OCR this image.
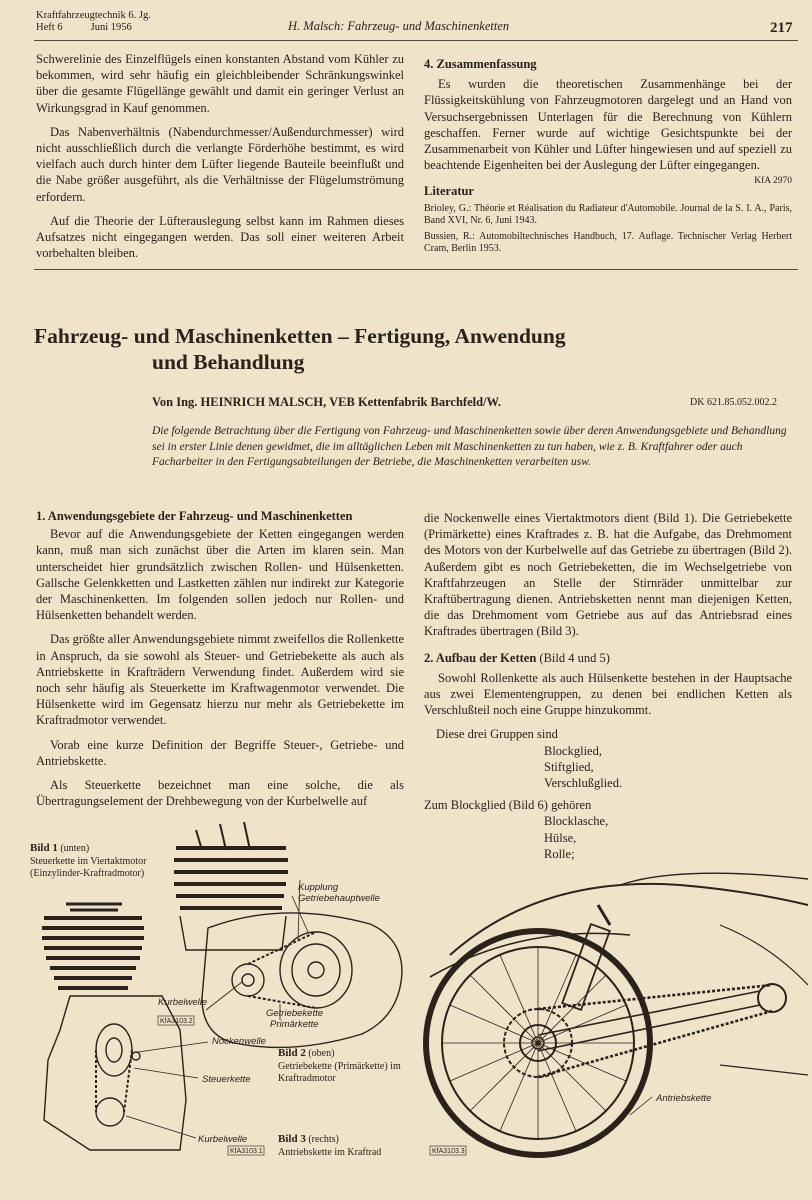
Kraftfahrzeugtechnik 6. Jg.
Heft 6	Juni 1956	H. Malsch: Fahrzeug- und Maschinenketten	217

Schwerelinie des Einzelflügels einen konstanten Abstand vom Kühler zu bekommen, wird sehr häufig ein gleichbleibender Schränkungswinkel über die gesamte Flügellänge gewählt und damit ein geringer Verlust an Wirkungsgrad in Kauf genommen.

Das Nabenverhältnis (Nabendurchmesser/Außendurchmesser) wird nicht ausschließlich durch die verlangte Förderhöhe bestimmt, es wird vielfach auch durch hinter dem Lüfter liegende Bauteile beeinflußt und die Nabe größer ausgeführt, als die Verhältnisse der Flügelumströmung erfordern.

Auf die Theorie der Lüfterauslegung selbst kann im Rahmen dieses Aufsatzes nicht eingegangen werden. Das soll einer weiteren Arbeit vorbehalten bleiben.

4. Zusammenfassung

Es wurden die theoretischen Zusammenhänge bei der Flüssigkeitskühlung von Fahrzeugmotoren dargelegt und an Hand von Versuchsergebnissen Unterlagen für die Berechnung von Kühlern geschaffen. Ferner wurde auf wichtige Gesichtspunkte bei der Zusammenarbeit von Kühler und Lüfter hingewiesen und auf speziell zu beachtende Eigenheiten bei der Auslegung der Lüfter eingegangen.
KfA 2970

Literatur

Brioley, G.: Théorie et Réalisation du Radiateur d'Automobile. Journal de la S. I. A., Paris, Band XVI, Nr. 6, Juni 1943.

Bussien, R.: Automobiltechnisches Handbuch, 17. Auflage. Technischer Verlag Herbert Cram, Berlin 1953.

Fahrzeug- und Maschinenketten – Fertigung, Anwendung
und Behandlung
Von Ing. HEINRICH MALSCH, VEB Kettenfabrik Barchfeld/W.	DK 621.85.052.002.2
Die folgende Betrachtung über die Fertigung von Fahrzeug- und Maschinenketten sowie über deren Anwendungsgebiete und Behandlung sei in erster Linie denen gewidmet, die im alltäglichen Leben mit Maschinenketten zu tun haben, wie z. B. Kraftfahrer oder auch Facharbeiter in den Fertigungsabteilungen der Betriebe, die Maschinenketten verarbeiten usw.
1. Anwendungsgebiete der Fahrzeug- und Maschinenketten

Bevor auf die Anwendungsgebiete der Ketten eingegangen werden kann, muß man sich zunächst über die Arten im klaren sein. Man unterscheidet hier grundsätzlich zwischen Rollen- und Hülsenketten. Gallsche Gelenkketten und Lastketten zählen nur indirekt zur Kategorie der Maschinenketten. Im folgenden sollen jedoch nur Rollen- und Hülsenketten behandelt werden.

Das größte aller Anwendungsgebiete nimmt zweifellos die Rollenkette in Anspruch, da sie sowohl als Steuer- und Getriebekette als auch als Antriebskette in Krafträdern Verwendung findet. Außerdem wird sie noch sehr häufig als Steuerkette im Kraftwagenmotor verwendet. Die Hülsenkette wird im Gegensatz hierzu nur mehr als Getriebekette im Kraftradmotor verwendet.

Vorab eine kurze Definition der Begriffe Steuer-, Getriebe- und Antriebskette.

Als Steuerkette bezeichnet man eine solche, die als Übertragungselement der Drehbewegung von der Kurbelwelle auf

die Nockenwelle eines Viertaktmotors dient (Bild 1). Die Getriebekette (Primärkette) eines Kraftrades z. B. hat die Aufgabe, das Drehmoment des Motors von der Kurbelwelle auf das Getriebe zu übertragen (Bild 2). Außerdem gibt es noch Getriebeketten, die im Wechselgetriebe von Kraftfahrzeugen an Stelle der Stirnräder unmittelbar zur Kraftübertragung dienen. Antriebsketten nennt man diejenigen Ketten, die das Drehmoment vom Getriebe aus auf das Antriebsrad eines Kraftrades übertragen (Bild 3).

2. Aufbau der Ketten (Bild 4 und 5)

Sowohl Rollenkette als auch Hülsenkette bestehen in der Hauptsache aus zwei Elementengruppen, zu denen bei endlichen Ketten als Verschlußteil noch eine Gruppe hinzukommt.

Diese drei Gruppen sind
Blockglied,
Stiftglied,
Verschlußglied.
Zum Blockglied (Bild 6) gehören
Blocklasche,
Hülse,
Rolle;
Bild 1 (unten)
Steuerkette im Viertaktmotor (Einzylinder-Kraftradmotor)
Bild 2 (oben)
Getriebekette (Primärkette) im Kraftradmotor
Bild 3 (rechts)
Antriebskette im Kraftrad
Kupplung
Getriebehauptwelle
Kurbelwelle
Getriebekette
Primärkette
Nockenwelle
Steuerkette
Kurbelwelle
KfA3103.2
KfA3103.1
Antriebskette
KfA3103.3
